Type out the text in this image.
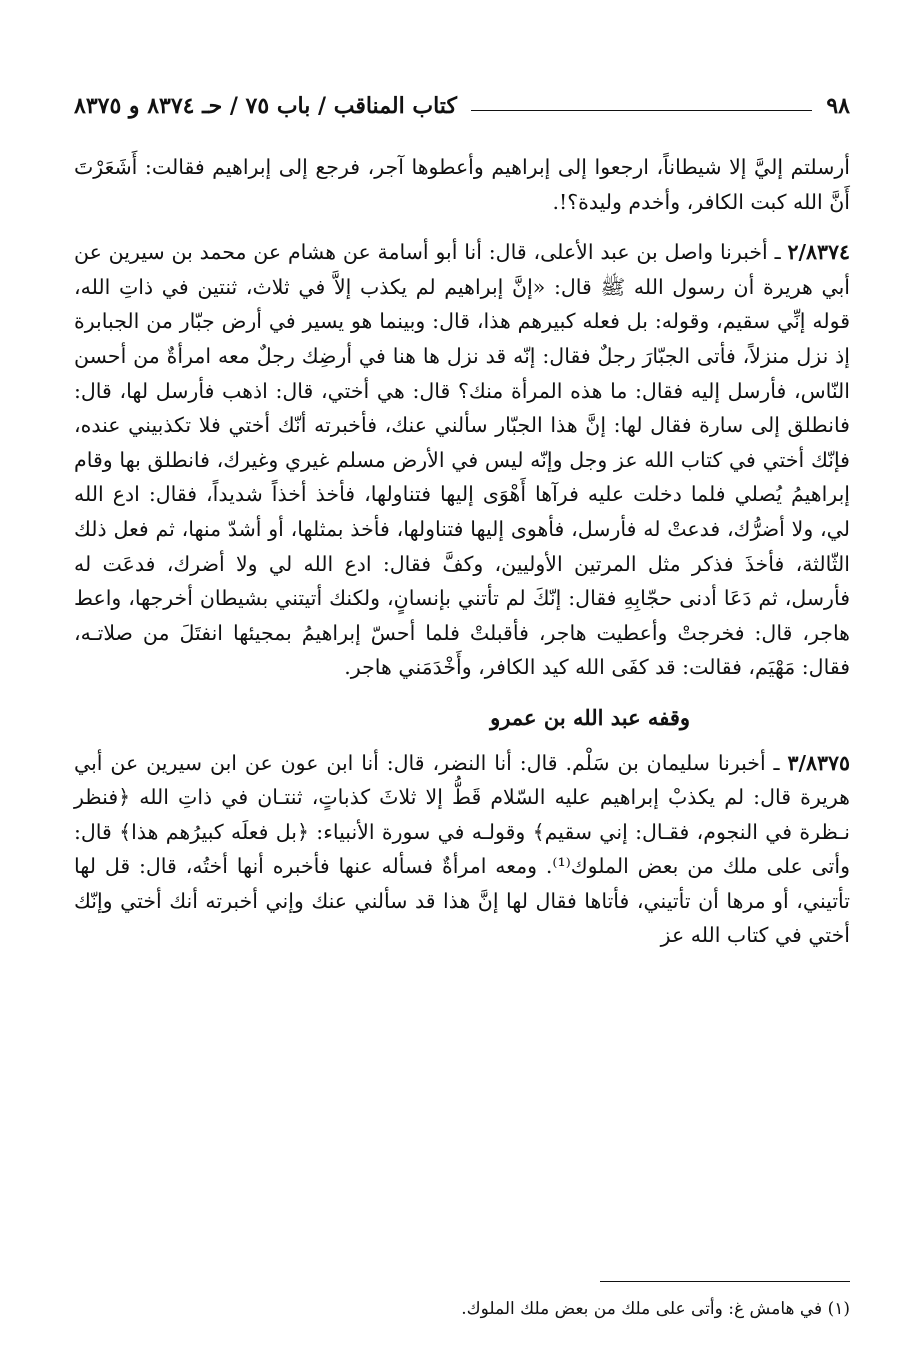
٩٨
كتاب المناقب / باب ٧٥ / حـ ٨٣٧٤ و ٨٣٧٥

أرسلتم إليَّ إلا شيطاناً، ارجعوا إلى إبراهيم وأعطوها آجر، فرجع إلى إبراهيم فقالت: أَشَعَرْتَ أَنَّ الله كبت الكافر، وأخدم وليدة؟!.

٢/٨٣٧٤ ـ أخبرنا واصل بن عبد الأعلى، قال: أنا أبو أسامة عن هشام عن محمد بن سيرين عن أبي هريرة أن رسول الله ﷺ قال: «إنَّ إبراهيم لم يكذب إلاَّ في ثلاث، ثنتين في ذاتِ الله، قوله إنِّي سقيم، وقوله: بل فعله كبيرهم هذا، قال: وبينما هو يسير في أرض جبّار من الجبابرة إذ نزل منزلاً، فأتى الجبّارَ رجلٌ فقال: إنّه قد نزل ها هنا في أرضِك رجلٌ معه امرأةٌ من أحسن النّاس، فأرسل إليه فقال: ما هذه المرأة منك؟ قال: هي أختي، قال: اذهب فأرسل لها، قال: فانطلق إلى سارة فقال لها: إنَّ هذا الجبّار سألني عنك، فأخبرته أنّك أختي فلا تكذبيني عنده، فإنّك أختي في كتاب الله عز وجل وإنّه ليس في الأرض مسلم غيري وغيرك، فانطلق بها وقام إبراهيمُ يُصلي فلما دخلت عليه فرآها أَهْوَى إليها فتناولها، فأخذ أخذاً شديداً، فقال: ادع الله لي، ولا أضرُّك، فدعتْ له فأرسل، فأهوى إليها فتناولها، فأخذ بمثلها، أو أشدّ منها، ثم فعل ذلك الثّالثة، فأخذَ فذكر مثل المرتين الأوليين، وكفَّ فقال: ادع الله لي ولا أضرك، فدعَت له فأرسل، ثم دَعَا أدنى حجّابِهِ فقال: إنّكَ لم تأتني بإنسانٍ، ولكنك أتيتني بشيطان أخرجها، واعط هاجر، قال: فخرجتْ وأعطيت هاجر، فأقبلتْ فلما أحسّ إبراهيمُ بمجيئها انفتَلَ من صلاتـه، فقال: مَهْيَم، فقالت: قد كفَى الله كيد الكافر، وأَخْدَمَني هاجر.

وقفه عبد الله بن عمرو

٣/٨٣٧٥ ـ أخبرنا سليمان بن سَلْم. قال: أنا النضر، قال: أنا ابن عون عن ابن سيرين عن أبي هريرة قال: لم يكذبْ إبراهيم عليه السّلام قَطُّ إلا ثلاثَ كذباتٍ، ثنتـان في ذاتِ الله ﴿فنظر نـظرة في النجوم، فقـال: إني سقيم﴾ وقولـه في سورة الأنبياء: ﴿بل فعلَه كبيرُهم هذا﴾ قال: وأتى على ملك من بعض الملوك⁽¹⁾. ومعه امرأةٌ فسأله عنها فأخبره أنها أختُه، قال: قل لها تأتيني، أو مرها أن تأتيني، فأتاها فقال لها إنَّ هذا قد سألني عنك وإني أخبرته أنك أختي وإنّك أختي في كتاب الله عز

(١) في هامش غ: وأتى على ملك من بعض ملك الملوك.
